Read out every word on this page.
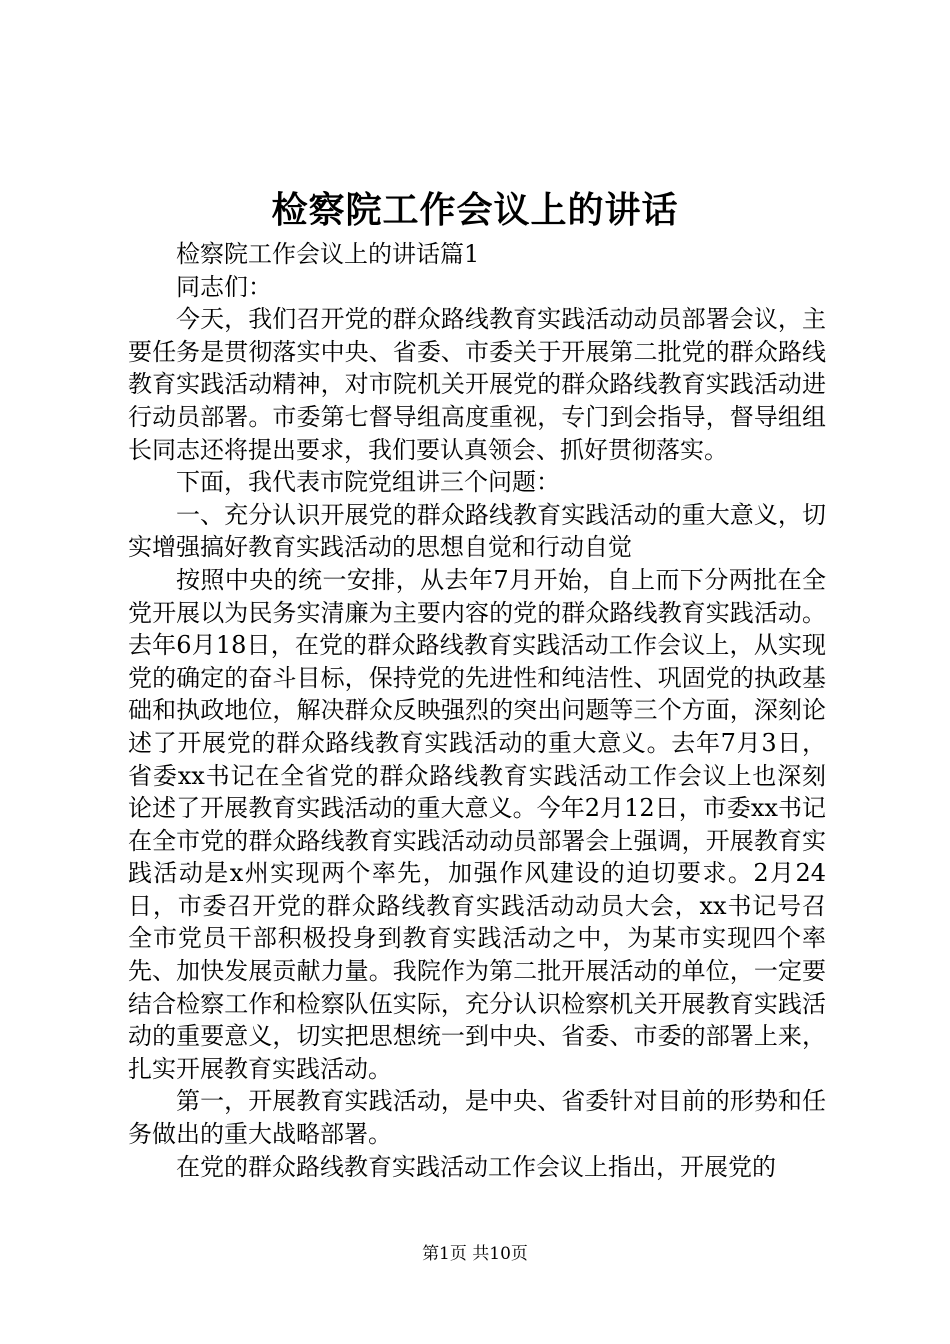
检察院工作会议上的讲话

检察院工作会议上的讲话篇1

同志们：

今天，我们召开党的群众路线教育实践活动动员部署会议，主要任务是贯彻落实中央、省委、市委关于开展第二批党的群众路线教育实践活动精神，对市院机关开展党的群众路线教育实践活动进行动员部署。市委第七督导组高度重视，专门到会指导，督导组组长同志还将提出要求，我们要认真领会、抓好贯彻落实。

下面，我代表市院党组讲三个问题：

一、充分认识开展党的群众路线教育实践活动的重大意义，切实增强搞好教育实践活动的思想自觉和行动自觉

按照中央的统一安排，从去年7月开始，自上而下分两批在全党开展以为民务实清廉为主要内容的党的群众路线教育实践活动。去年6月18日，在党的群众路线教育实践活动工作会议上，从实现党的确定的奋斗目标，保持党的先进性和纯洁性、巩固党的执政基础和执政地位，解决群众反映强烈的突出问题等三个方面，深刻论述了开展党的群众路线教育实践活动的重大意义。去年7月3日，省委xx书记在全省党的群众路线教育实践活动工作会议上也深刻论述了开展教育实践活动的重大意义。今年2月12日，市委xx书记在全市党的群众路线教育实践活动动员部署会上强调，开展教育实践活动是x州实现两个率先，加强作风建设的迫切要求。2月24日，市委召开党的群众路线教育实践活动动员大会，xx书记号召全市党员干部积极投身到教育实践活动之中，为某市实现四个率先、加快发展贡献力量。我院作为第二批开展活动的单位，一定要结合检察工作和检察队伍实际，充分认识检察机关开展教育实践活动的重要意义，切实把思想统一到中央、省委、市委的部署上来，扎实开展教育实践活动。

第一，开展教育实践活动，是中央、省委针对目前的形势和任务做出的重大战略部署。

在党的群众路线教育实践活动工作会议上指出，开展党的

第1页 共10页
